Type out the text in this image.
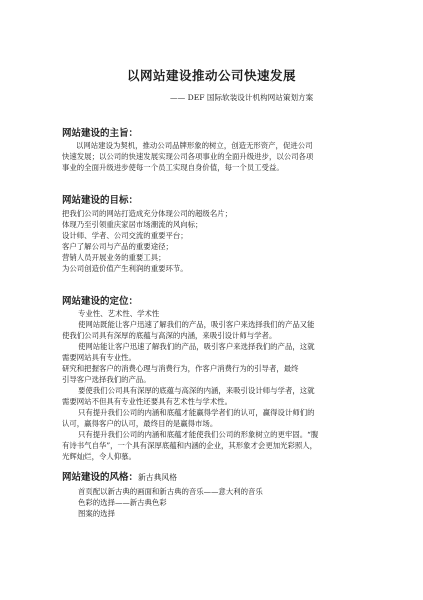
以网站建设推动公司快速发展
—— DEF 国际软装设计机构网站策划方案
网站建设的主旨：
以网站建设为契机，推动公司品牌形象的树立，创造无形资产，促进公司
快速发展；以公司的快速发展实现公司各项事业的全面升级进步，以公司各项
事业的全面升级进步使每一个员工实现自身价值，每一个员工受益。
网站建设的目标：
把我们公司的网站打造成充分体现公司的超级名片；
体现乃至引领重庆家居市场潮流的风向标；
设计师、学者、公司交流的重要平台；
客户了解公司与产品的重要途径；
营销人员开展业务的重要工具；
为公司创造价值产生利润的重要环节。
网站建设的定位：
专业性、艺术性、学术性
使网站既能让客户迅速了解我们的产品，吸引客户来选择我们的产品又能
使我们公司具有深厚的底蕴与高深的内涵，来吸引设计师与学者。
使网站能让客户迅速了解我们的产品，吸引客户来选择我们的产品，这就
需要网站具有专业性。
研究和把握客户的消费心理与消费行为，作客户消费行为的引导者，最终
引导客户选择我们的产品。
要使我们公司具有深厚的底蕴与高深的内涵，来吸引设计师与学者，这就
需要网站不但具有专业性还要具有艺术性与学术性。
只有提升我们公司的内涵和底蕴才能赢得学者们的认可，赢得设计师们的
认可，赢得客户的认可，最终目的是赢得市场。
只有提升我们公司的内涵和底蕴才能使我们公司的形象树立的更牢固。“腹
有诗书气自华”，一个具有深厚底蕴和内涵的企业，其形象才会更加光彩照人，
光辉灿烂，令人仰慕。
网站建设的风格：新古典风格
首页配以新古典的画面和新古典的音乐——意大利的音乐
色彩的选择——新古典色彩
图案的选择
